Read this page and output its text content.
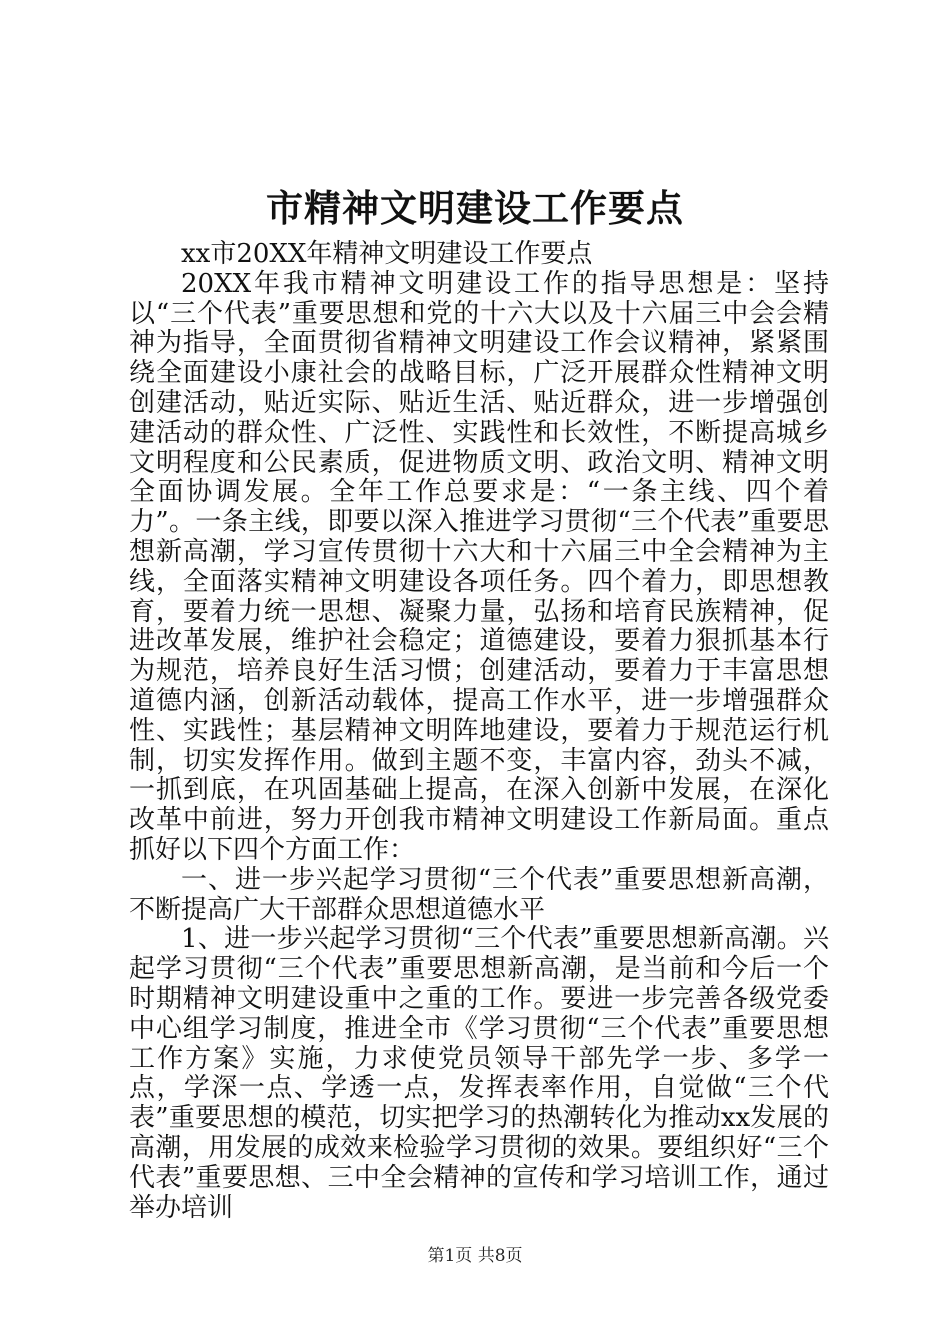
市精神文明建设工作要点

xx市20XX年精神文明建设工作要点

20XX年我市精神文明建设工作的指导思想是：坚持以“三个代表”重要思想和党的十六大以及十六届三中会会精神为指导，全面贯彻省精神文明建设工作会议精神，紧紧围绕全面建设小康社会的战略目标，广泛开展群众性精神文明创建活动，贴近实际、贴近生活、贴近群众，进一步增强创建活动的群众性、广泛性、实践性和长效性，不断提高城乡文明程度和公民素质，促进物质文明、政治文明、精神文明全面协调发展。全年工作总要求是：“一条主线、四个着力”。一条主线，即要以深入推进学习贯彻“三个代表”重要思想新高潮，学习宣传贯彻十六大和十六届三中全会精神为主线，全面落实精神文明建设各项任务。四个着力，即思想教育，要着力统一思想、凝聚力量，弘扬和培育民族精神，促进改革发展，维护社会稳定；道德建设，要着力狠抓基本行为规范，培养良好生活习惯；创建活动，要着力于丰富思想道德内涵，创新活动载体，提高工作水平，进一步增强群众性、实践性；基层精神文明阵地建设，要着力于规范运行机制，切实发挥作用。做到主题不变，丰富内容，劲头不减，一抓到底，在巩固基础上提高，在深入创新中发展，在深化改革中前进，努力开创我市精神文明建设工作新局面。重点抓好以下四个方面工作：

一、进一步兴起学习贯彻“三个代表”重要思想新高潮，不断提高广大干部群众思想道德水平

1、进一步兴起学习贯彻“三个代表”重要思想新高潮。兴起学习贯彻“三个代表”重要思想新高潮，是当前和今后一个时期精神文明建设重中之重的工作。要进一步完善各级党委中心组学习制度，推进全市《学习贯彻“三个代表”重要思想工作方案》实施，力求使党员领导干部先学一步、多学一点，学深一点、学透一点，发挥表率作用，自觉做“三个代表”重要思想的模范，切实把学习的热潮转化为推动xx发展的高潮，用发展的成效来检验学习贯彻的效果。要组织好“三个代表”重要思想、三中全会精神的宣传和学习培训工作，通过举办培训

第1页 共8页
